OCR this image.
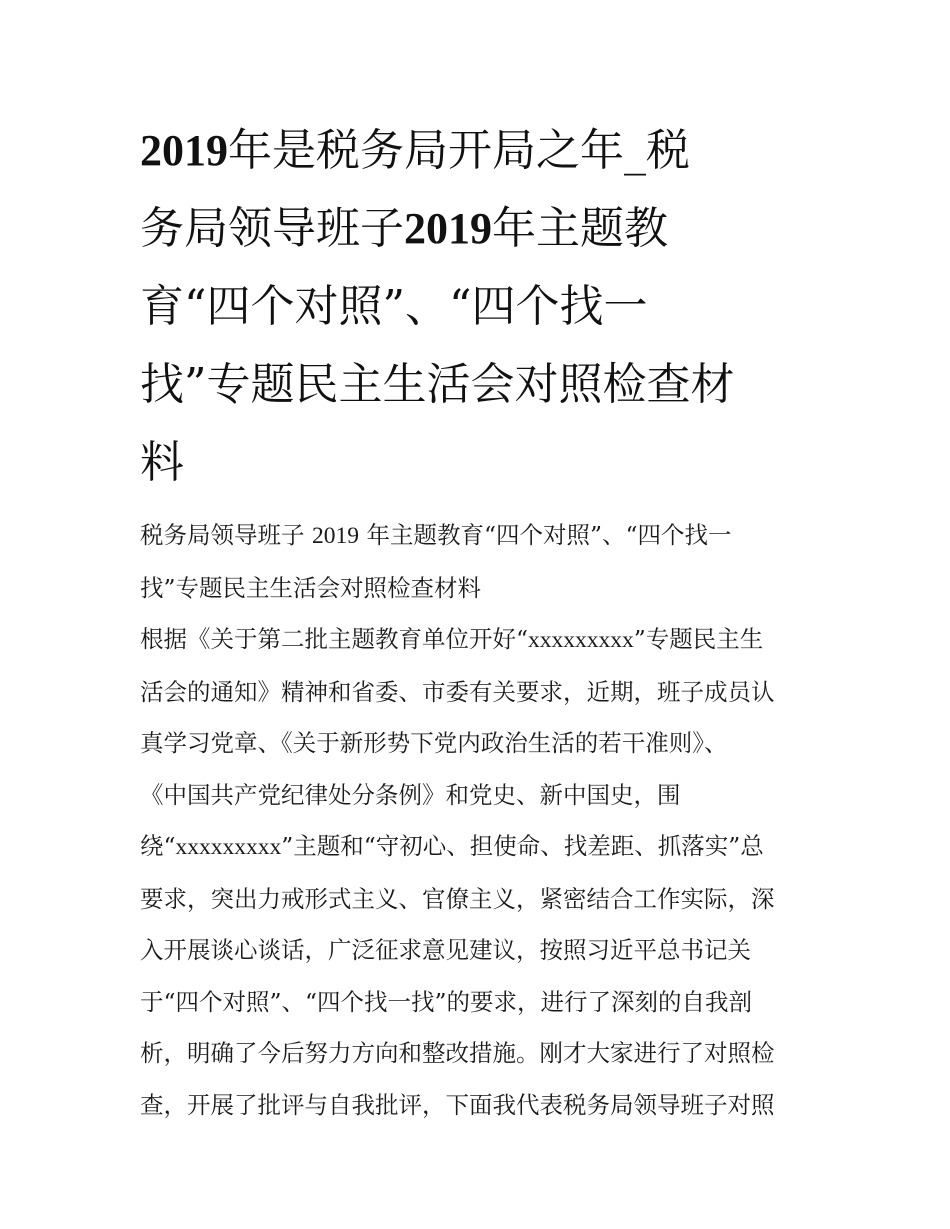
2019年是税务局开局之年_税
务局领导班子2019年主题教
育“四个对照”、“四个找一
找”专题民主生活会对照检查材
料
税务局领导班子 2019 年主题教育“四个对照”、“四个找一
找”专题民主生活会对照检查材料
根据《关于第二批主题教育单位开好“xxxxxxxxx”专题民主生
活会的通知》精神和省委、市委有关要求，近期，班子成员认
真学习党章、《关于新形势下党内政治生活的若干准则》、
《中国共产党纪律处分条例》和党史、新中国史，围
绕“xxxxxxxxx”主题和“守初心、担使命、找差距、抓落实”总
要求，突出力戒形式主义、官僚主义，紧密结合工作实际，深
入开展谈心谈话，广泛征求意见建议，按照习近平总书记关
于“四个对照”、“四个找一找”的要求，进行了深刻的自我剖
析，明确了今后努力方向和整改措施。刚才大家进行了对照检
查，开展了批评与自我批评，下面我代表税务局领导班子对照
